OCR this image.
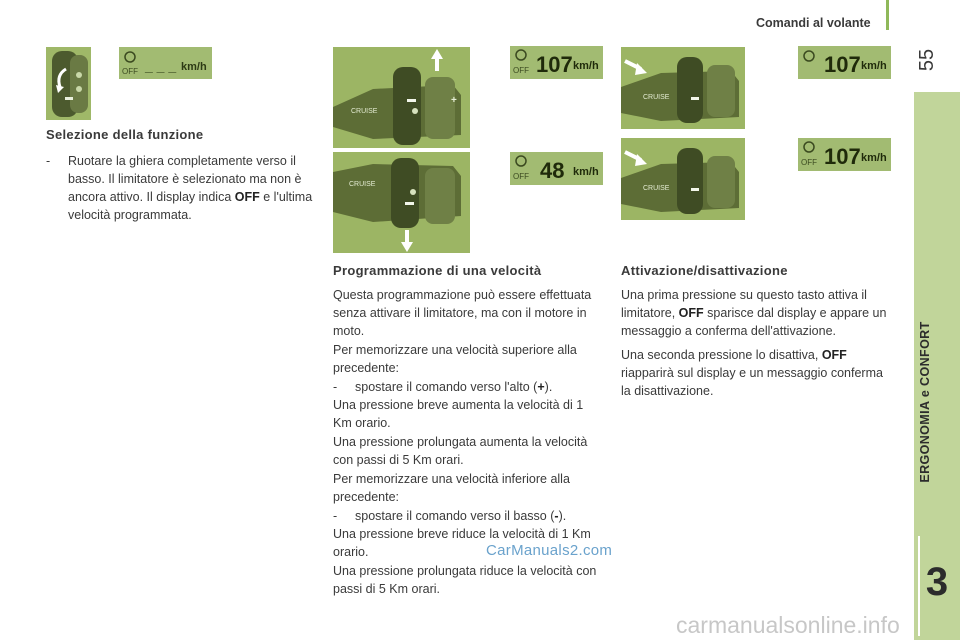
Comandi al volante
55
ERGONOMIA e CONFORT
3
OFF _ _ _ km/h
CRUISE
+
OFF 107 km/h
CRUISE
OFF 48 km/h
CRUISE
107 km/h
CRUISE
OFF 107 km/h
Selezione della funzione
-	Ruotare la ghiera completamente verso il basso. Il limitatore è selezionato ma non è ancora attivo. Il display indica OFF e l'ultima velocità programmata.
Programmazione di una velocità

Questa programmazione può essere effettuata senza attivare il limitatore, ma con il motore in moto.

Per memorizzare una velocità superiore alla precedente:

-	spostare il comando verso l'alto (+).

Una pressione breve aumenta la velocità di 1 Km orario.

Una pressione prolungata aumenta la velocità con passi di 5 Km orari.

Per memorizzare una velocità inferiore alla precedente:

-	spostare il comando verso il basso (-).

Una pressione breve riduce la velocità di 1 Km orario.

Una pressione prolungata riduce la velocità con passi di 5 Km orari.

Attivazione/disattivazione

Una prima pressione su questo tasto attiva il limitatore, OFF sparisce dal display e appare un messaggio a conferma dell'attivazione.

Una seconda pressione lo disattiva, OFF riapparirà sul display e un messaggio conferma la disattivazione.

CarManuals2.com
carmanualsonline.info
